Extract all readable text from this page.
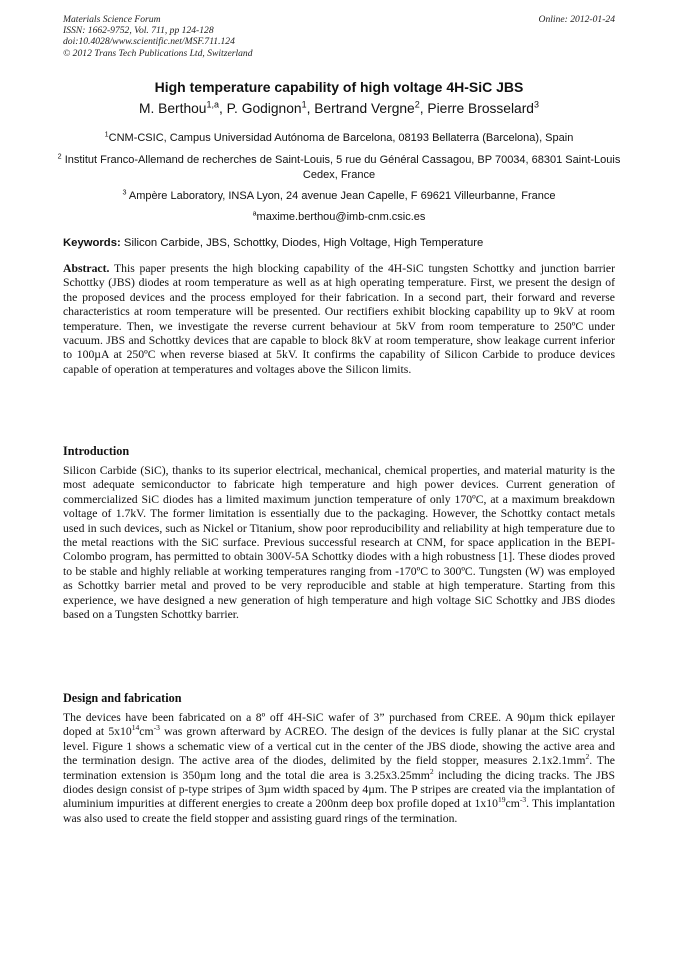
Materials Science Forum
ISSN: 1662-9752, Vol. 711, pp 124-128
doi:10.4028/www.scientific.net/MSF.711.124
© 2012 Trans Tech Publications Ltd, Switzerland
Online: 2012-01-24
High temperature capability of high voltage 4H-SiC JBS
M. Berthou$^{1,a}$, P. Godignon$^1$, Bertrand Vergne$^2$, Pierre Brosselard$^3$
$^1$CNM-CSIC, Campus Universidad Autónoma de Barcelona, 08193 Bellaterra (Barcelona), Spain
$^2$ Institut Franco-Allemand de recherches de Saint-Louis, 5 rue du Général Cassagou, BP 70034, 68301 Saint-Louis Cedex, France
$^3$ Ampère Laboratory, INSA Lyon, 24 avenue Jean Capelle, F 69621 Villeurbanne, France
$^a$maxime.berthou@imb-cnm.csic.es
Keywords: Silicon Carbide, JBS, Schottky, Diodes, High Voltage, High Temperature

Abstract. This paper presents the high blocking capability of the 4H-SiC tungsten Schottky and junction barrier Schottky (JBS) diodes at room temperature as well as at high operating temperature. First, we present the design of the proposed devices and the process employed for their fabrication. In a second part, their forward and reverse characteristics at room temperature will be presented. Our rectifiers exhibit blocking capability up to 9kV at room temperature. Then, we investigate the reverse current behaviour at 5kV from room temperature to 250ºC under vacuum. JBS and Schottky devices that are capable to block 8kV at room temperature, show leakage current inferior to 100µA at 250ºC when reverse biased at 5kV. It confirms the capability of Silicon Carbide to produce devices capable of operation at temperatures and voltages above the Silicon limits.

Introduction

Silicon Carbide (SiC), thanks to its superior electrical, mechanical, chemical properties, and material maturity is the most adequate semiconductor to fabricate high temperature and high power devices. Current generation of commercialized SiC diodes has a limited maximum junction temperature of only 170ºC, at a maximum breakdown voltage of 1.7kV. The former limitation is essentially due to the packaging. However, the Schottky contact metals used in such devices, such as Nickel or Titanium, show poor reproducibility and reliability at high temperature due to the metal reactions with the SiC surface. Previous successful research at CNM, for space application in the BEPI-Colombo program, has permitted to obtain 300V-5A Schottky diodes with a high robustness [1]. These diodes proved to be stable and highly reliable at working temperatures ranging from -170ºC to 300ºC. Tungsten (W) was employed as Schottky barrier metal and proved to be very reproducible and stable at high temperature. Starting from this experience, we have designed a new generation of high temperature and high voltage SiC Schottky and JBS diodes based on a Tungsten Schottky barrier.

Design and fabrication

The devices have been fabricated on a 8º off 4H-SiC wafer of 3” purchased from CREE. A 90µm thick epilayer doped at $5x10^{14}cm^{-3}$ was grown afterward by ACREO. The design of the devices is fully planar at the SiC crystal level. Figure 1 shows a schematic view of a vertical cut in the center of the JBS diode, showing the active area and the termination design. The active area of the diodes, delimited by the field stopper, measures $2.1x2.1mm^2$. The termination extension is 350µm long and the total die area is $3.25x3.25mm^2$ including the dicing tracks. The JBS diodes design consist of p-type stripes of 3µm width spaced by 4µm. The P stripes are created via the implantation of aluminium impurities at different energies to create a 200nm deep box profile doped at $1x10^{19}cm^{-3}$. This implantation was also used to create the field stopper and assisting guard rings of the termination.
